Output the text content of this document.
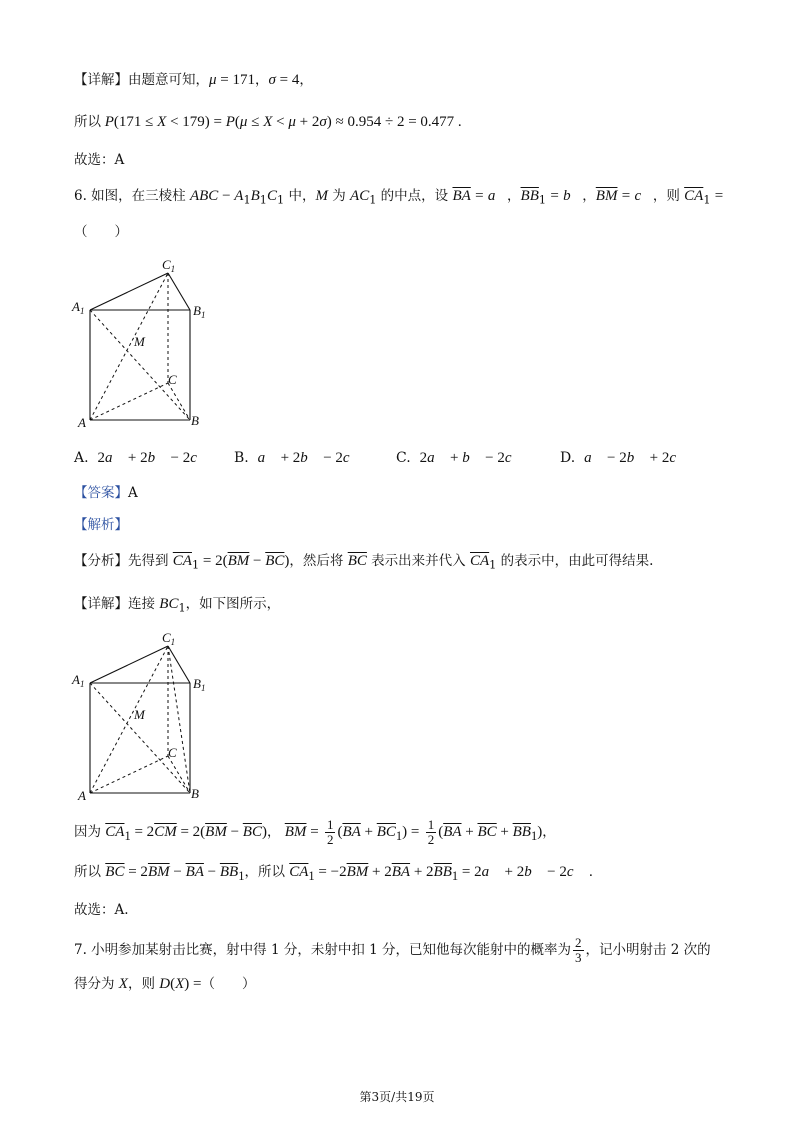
【详解】由题意可知，μ = 171，σ = 4，
所以 P(171 ≤ X < 179) = P(μ ≤ X < μ + 2σ) ≈ 0.954 ÷ 2 = 0.477 .
故选：A
6. 如图，在三棱柱 ABC − $A_1B_1C_1$ 中，M 为 $AC_1$ 的中点，设 $\overline{BA}$ = a⃗，$\overline{BB}_1$ = b⃗，$\overline{BM}$ = c⃗，则 $\overline{CA}_1$ =
（　　）
$C_1$
$A_1$	$B_1$
M
C
A	B
A.  2a⃗ + 2b⃗ − 2c⃗ B.  a⃗ + 2b⃗ − 2c⃗ C.  2a⃗ + b⃗ − 2c⃗	D.  a⃗ − 2b⃗ + 2c⃗
【答案】A
【解析】
【分析】先得到 $\overline{CA}_1 = 2(\overline{BM} - \overline{BC})$，然后将 $\overline{BC}$ 表示出来并代入 $\overline{CA}_1$ 的表示中，由此可得结果.
【详解】连接 $BC_1$，如下图所示，
$C_1$
$A_1$	$B_1$
M
C
A	B
因为 $\overline{CA}_1 = 2\overline{CM} = 2(\overline{BM} - \overline{BC})$， $\overline{BM} = \frac{1}{2} (\overline{BA} + \overline{BC}_1) = \frac{1}{2} (\overline{BA} + \overline{BC} + \overline{BB}_1)$，
所以 $\overline{BC} = 2\overline{BM} - \overline{BA} - \overline{BB}_1$，所以 $\overline{CA}_1 = -2\overline{BM} + 2\overline{BA} + 2\overline{BB}_1$ = 2a⃗ + 2b⃗ − 2c⃗ .
故选：A.
7. 小明参加某射击比赛，射中得 1 分，未射中扣 1 分，已知他每次能射中的概率为 $\frac{2}{3}$ ，记小明射击 2 次的
得分为 X，则 D(X) =（　　）
第3页/共19页
